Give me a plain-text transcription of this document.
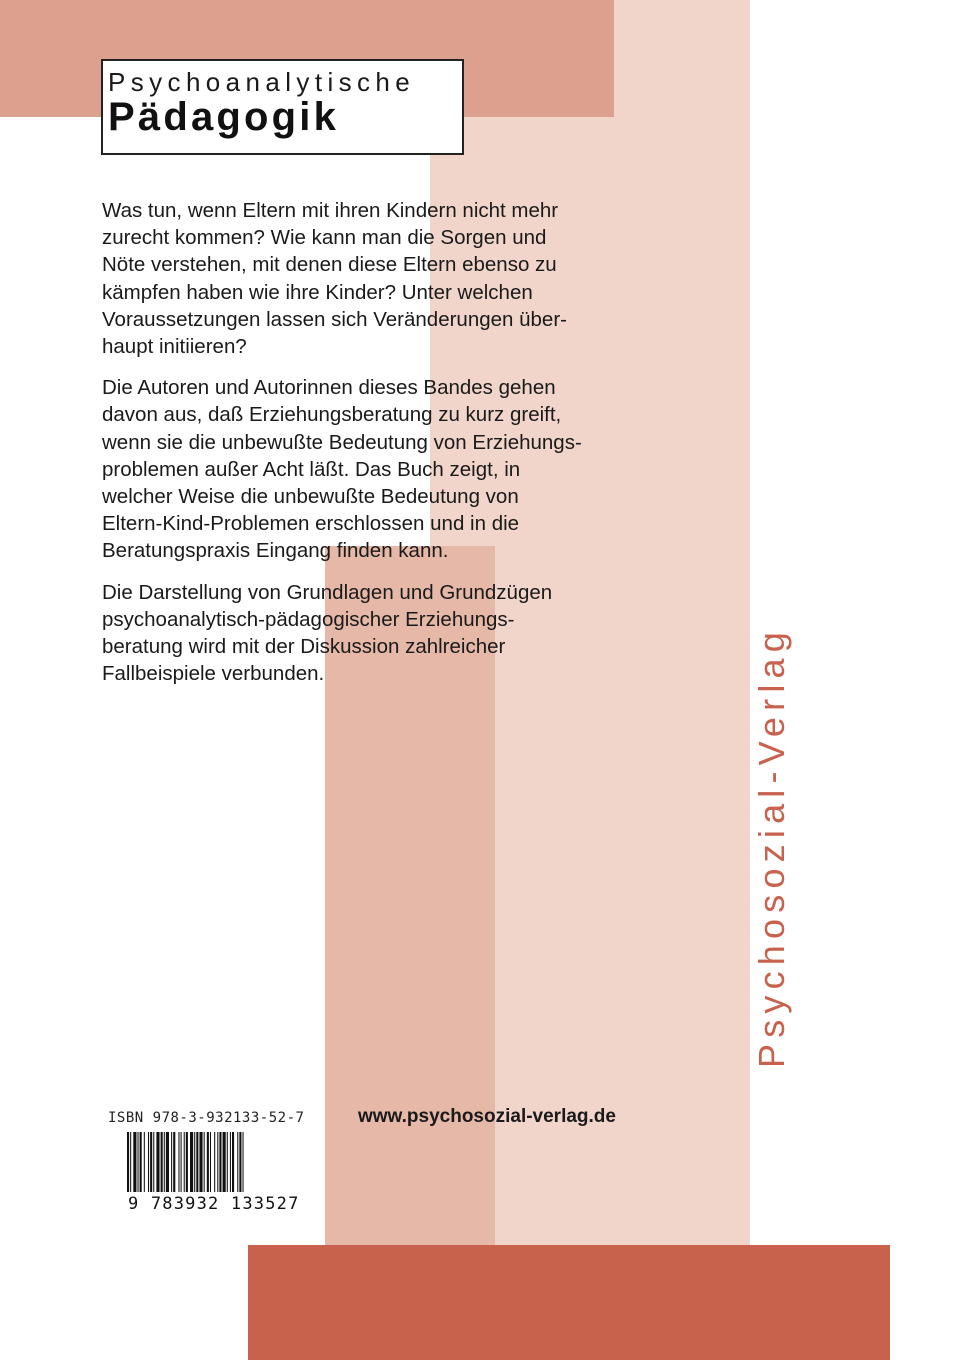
Psychoanalytische
Pädagogik

Was tun, wenn Eltern mit ihren Kindern nicht mehr
zurecht kommen? Wie kann man die Sorgen und
Nöte verstehen, mit denen diese Eltern ebenso zu
kämpfen haben wie ihre Kinder? Unter welchen
Voraussetzungen lassen sich Veränderungen über-
haupt initiieren?

Die Autoren und Autorinnen dieses Bandes gehen
davon aus, daß Erziehungsberatung zu kurz greift,
wenn sie die unbewußte Bedeutung von Erziehungs-
problemen außer Acht läßt. Das Buch zeigt, in
welcher Weise die unbewußte Bedeutung von
Eltern-Kind-Problemen erschlossen und in die
Beratungspraxis Eingang finden kann.

Die Darstellung von Grundlagen und Grundzügen
psychoanalytisch-pädagogischer Erziehungs-
beratung wird mit der Diskussion zahlreicher
Fallbeispiele verbunden.	Psychosozial-Verlag
ISBN 978-3-932133-52-7
9 783932 133527
www.psychosozial-verlag.de
